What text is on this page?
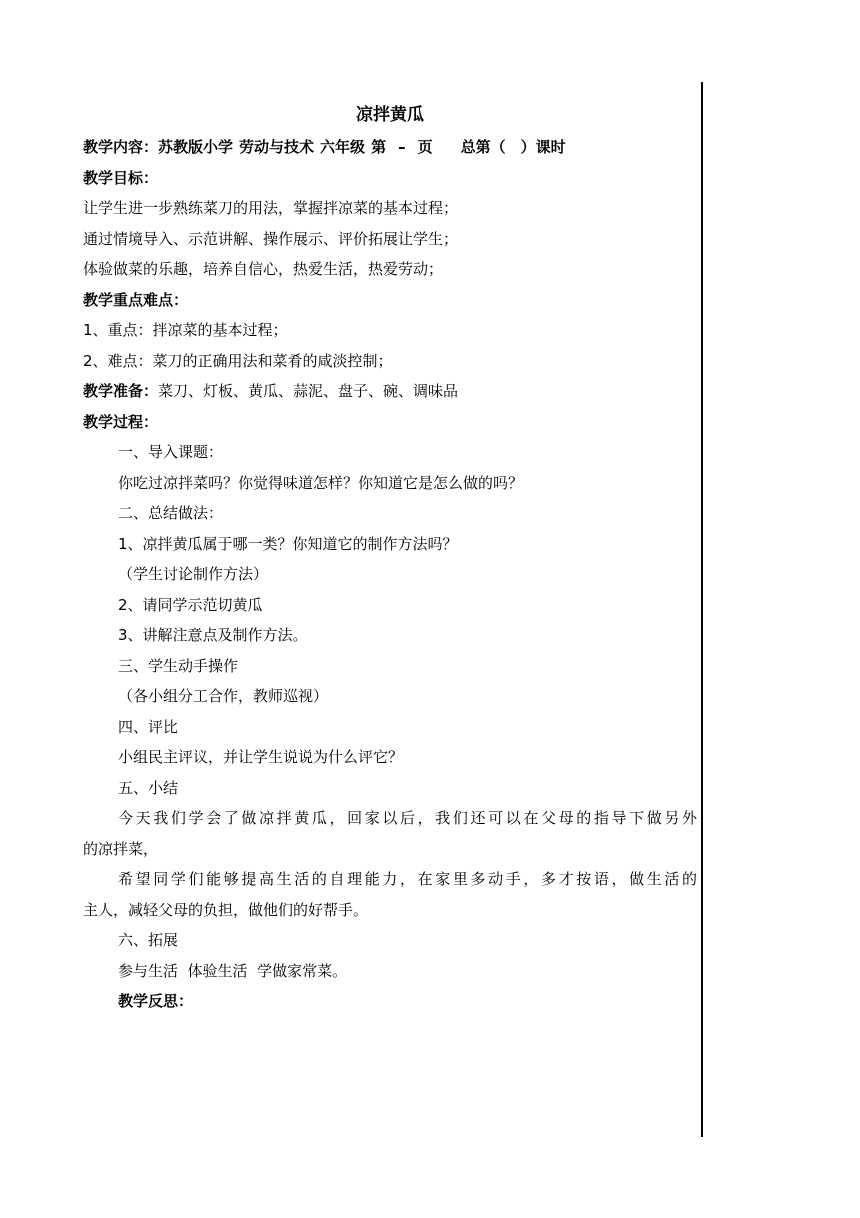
凉拌黄瓜
教学内容：苏教版小学 劳动与技术 六年级 第 – 页 总第（　）课时
教学目标：
让学生进一步熟练菜刀的用法，掌握拌凉菜的基本过程；
通过情境导入、示范讲解、操作展示、评价拓展让学生；
体验做菜的乐趣，培养自信心，热爱生活，热爱劳动；
教学重点难点：
1、重点：拌凉菜的基本过程；
2、难点：菜刀的正确用法和菜肴的咸淡控制；
教学准备：菜刀、灯板、黄瓜、蒜泥、盘子、碗、调味品
教学过程：
一、导入课题：
你吃过凉拌菜吗？你觉得味道怎样？你知道它是怎么做的吗？
二、总结做法：
1、凉拌黄瓜属于哪一类？你知道它的制作方法吗？
（学生讨论制作方法）
2、请同学示范切黄瓜
3、讲解注意点及制作方法。
三、学生动手操作
（各小组分工合作，教师巡视）
四、评比
小组民主评议，并让学生说说为什么评它？
五、小结
今天我们学会了做凉拌黄瓜，回家以后，我们还可以在父母的指导下做另外
的凉拌菜，
希望同学们能够提高生活的自理能力，在家里多动手，多才按语，做生活的
主人，减轻父母的负担，做他们的好帮手。
六、拓展
参与生活  体验生活  学做家常菜。
教学反思：
